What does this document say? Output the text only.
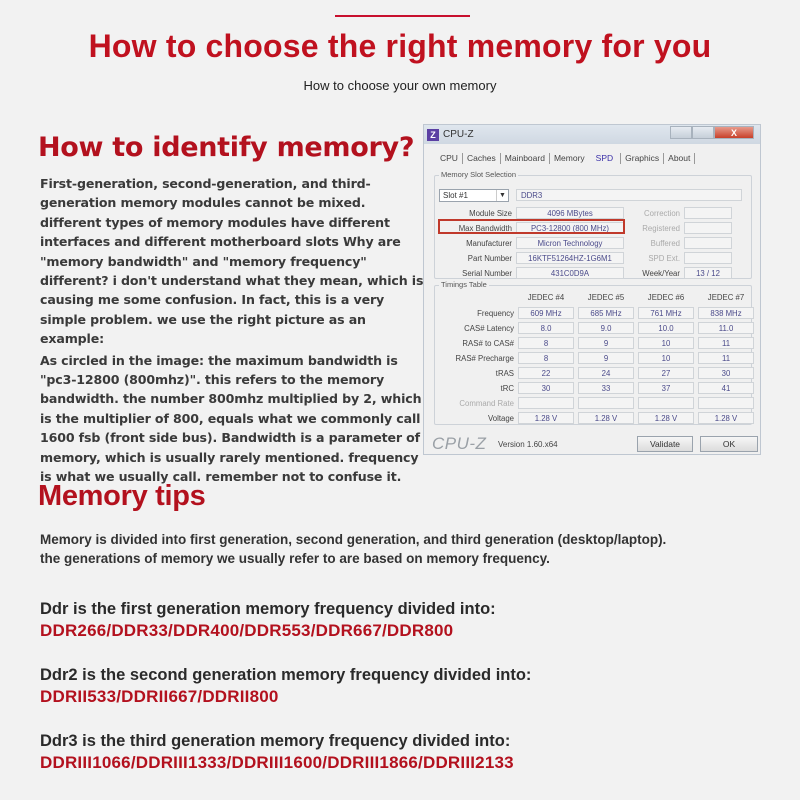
How to choose the right memory for you
How to choose your own memory
How to identify memory?

First-generation, second-generation, and third-generation memory modules cannot be mixed. different types of memory modules have different interfaces and different motherboard slots Why are "memory bandwidth" and "memory frequency" different? i don't understand what they mean, which is causing me some confusion. In fact, this is a very simple problem. we use the right picture as an example:

As circled in the image: the maximum bandwidth is "pc3-12800 (800mhz)". this refers to the memory bandwidth. the number 800mhz multiplied by 2, which is the multiplier of 800, equals what we commonly call 1600 fsb (front side bus). Bandwidth is a parameter of memory, which is usually rarely mentioned. frequency is what we usually call. remember not to confuse it.

Z CPU-Z	X
CPU	Caches	Mainboard	Memory	SPD	Graphics	About
Memory Slot Selection
Slot #1	▼	DDR3
Module Size	4096 MBytes	Correction
Max Bandwidth	PC3-12800 (800 MHz)	Registered
Manufacturer	Micron Technology	Buffered
Part Number	16KTF51264HZ-1G6M1	SPD Ext.
Serial Number	431C0D9A	Week/Year	13 / 12
Timings Table
JEDEC #4	JEDEC #5	JEDEC #6	JEDEC #7
Frequency	609 MHz	685 MHz	761 MHz	838 MHz
CAS# Latency	8.0	9.0	10.0	11.0
RAS# to CAS#	8	9	10	11
RAS# Precharge	8	9	10	11
tRAS	22	24	27	30
tRC	30	33	37	41
Command Rate
Voltage	1.28 V	1.28 V	1.28 V	1.28 V
CPU-Z Version 1.60.x64	Validate	OK
Memory tips
Memory is divided into first generation, second generation, and third generation (desktop/laptop).
the generations of memory we usually refer to are based on memory frequency.
Ddr is the first generation memory frequency divided into:
DDR266/DDR33/DDR400/DDR553/DDR667/DDR800
Ddr2 is the second generation memory frequency divided into:
DDRII533/DDRII667/DDRII800
Ddr3 is the third generation memory frequency divided into:
DDRIII1066/DDRIII1333/DDRIII1600/DDRIII1866/DDRIII2133
